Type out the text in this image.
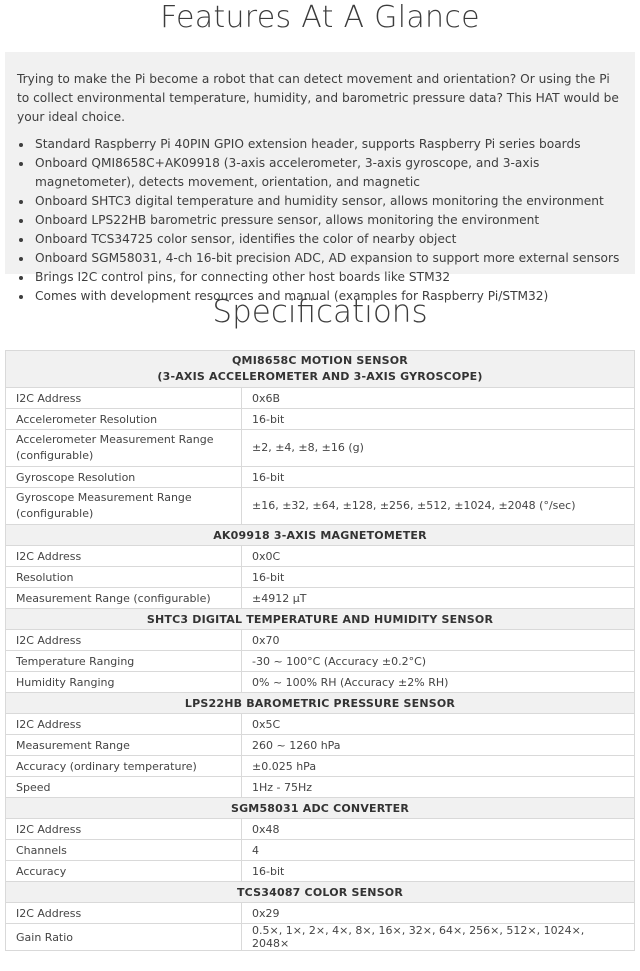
Features At A Glance

Trying to make the Pi become a robot that can detect movement and orientation? Or using the Pi to collect environmental temperature, humidity, and barometric pressure data? This HAT would be your ideal choice.

• Standard Raspberry Pi 40PIN GPIO extension header, supports Raspberry Pi series boards
• Onboard QMI8658C+AK09918 (3-axis accelerometer, 3-axis gyroscope, and 3-axis magnetometer), detects movement, orientation, and magnetic
• Onboard SHTC3 digital temperature and humidity sensor, allows monitoring the environment
• Onboard LPS22HB barometric pressure sensor, allows monitoring the environment
• Onboard TCS34725 color sensor, identifies the color of nearby object
• Onboard SGM58031, 4-ch 16-bit precision ADC, AD expansion to support more external sensors
• Brings I2C control pins, for connecting other host boards like STM32
• Comes with development resources and manual (examples for Raspberry Pi/STM32)
Specifications
QMI8658C MOTION SENSOR
(3-AXIS ACCELEROMETER AND 3-AXIS GYROSCOPE)	

I2C Address	0x6B
Accelerometer Resolution	16-bit
Accelerometer Measurement Range (configurable)	±2, ±4, ±8, ±16 (g)
Gyroscope Resolution	16-bit
Gyroscope Measurement Range (configurable)	±16, ±32, ±64, ±128, ±256, ±512, ±1024, ±2048 (°/sec)
AK09918 3-AXIS MAGNETOMETER	
I2C Address	0x0C
Resolution	16-bit
Measurement Range (configurable)	±4912 μT
SHTC3 DIGITAL TEMPERATURE AND HUMIDITY SENSOR	
I2C Address	0x70
Temperature Ranging	-30 ~ 100°C (Accuracy ±0.2°C)
Humidity Ranging	0% ~ 100% RH (Accuracy ±2% RH)
LPS22HB BAROMETRIC PRESSURE SENSOR	
I2C Address	0x5C
Measurement Range	260 ~ 1260 hPa
Accuracy (ordinary temperature)	±0.025 hPa
Speed	1Hz - 75Hz
SGM58031 ADC CONVERTER	
I2C Address	0x48
Channels	4
Accuracy	16-bit
TCS34087 COLOR SENSOR	
I2C Address	0x29
Gain Ratio	0.5×, 1×, 2×, 4×, 8×, 16×, 32×, 64×, 256×, 512×, 1024×, 2048×
